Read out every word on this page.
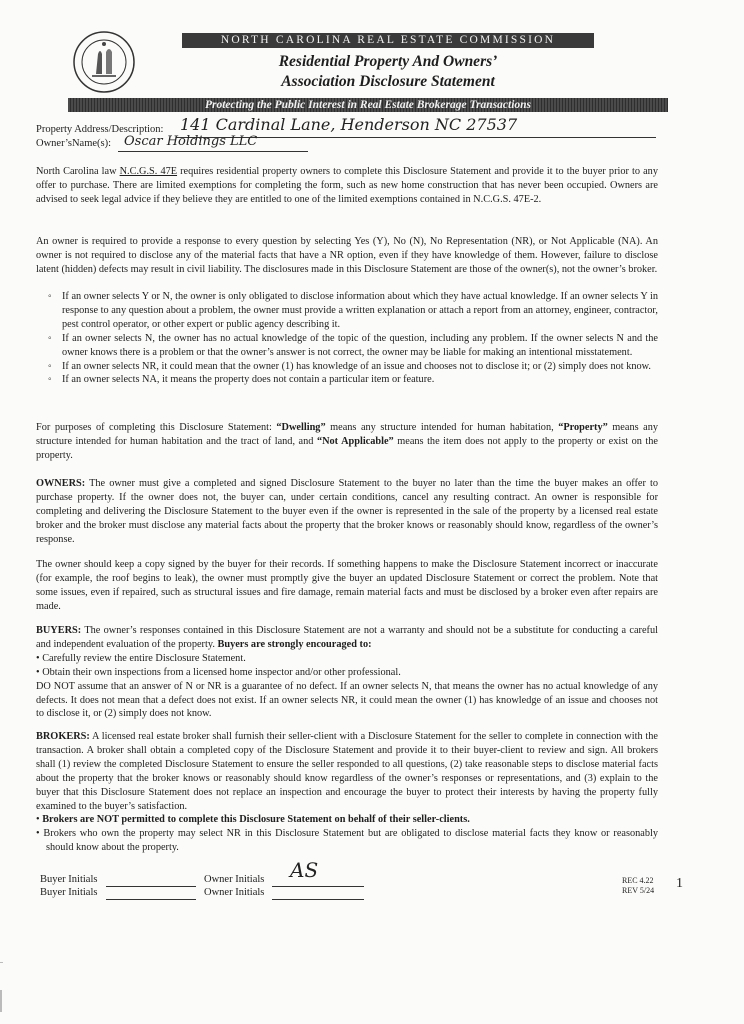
NORTH CAROLINA REAL ESTATE COMMISSION
Residential Property And Owners’
Association Disclosure Statement
Protecting the Public Interest in Real Estate Brokerage Transactions
Property Address/Description: 141 Cardinal Lane, Henderson NC 27537
Owner’sName(s): Oscar Holdings LLC

North Carolina law N.C.G.S. 47E requires residential property owners to complete this Disclosure Statement and provide it to the buyer prior to any offer to purchase. There are limited exemptions for completing the form, such as new home construction that has never been occupied. Owners are advised to seek legal advice if they believe they are entitled to one of the limited exemptions contained in N.C.G.S. 47E-2.

An owner is required to provide a response to every question by selecting Yes (Y), No (N), No Representation (NR), or Not Applicable (NA). An owner is not required to disclose any of the material facts that have a NR option, even if they have knowledge of them. However, failure to disclose latent (hidden) defects may result in civil liability. The disclosures made in this Disclosure Statement are those of the owner(s), not the owner’s broker.

◦ If an owner selects Y or N, the owner is only obligated to disclose information about which they have actual knowledge. If an owner selects Y in response to any question about a problem, the owner must provide a written explanation or attach a report from an attorney, engineer, contractor, pest control operator, or other expert or public agency describing it.

◦ If an owner selects N, the owner has no actual knowledge of the topic of the question, including any problem. If the owner selects N and the owner knows there is a problem or that the owner’s answer is not correct, the owner may be liable for making an intentional misstatement.

◦ If an owner selects NR, it could mean that the owner (1) has knowledge of an issue and chooses not to disclose it; or (2) simply does not know.

◦ If an owner selects NA, it means the property does not contain a particular item or feature.

For purposes of completing this Disclosure Statement: “Dwelling” means any structure intended for human habitation, “Property” means any structure intended for human habitation and the tract of land, and “Not Applicable” means the item does not apply to the property or exist on the property.

OWNERS: The owner must give a completed and signed Disclosure Statement to the buyer no later than the time the buyer makes an offer to purchase property. If the owner does not, the buyer can, under certain conditions, cancel any resulting contract. An owner is responsible for completing and delivering the Disclosure Statement to the buyer even if the owner is represented in the sale of the property by a licensed real estate broker and the broker must disclose any material facts about the property that the broker knows or reasonably should know, regardless of the owner’s response.

The owner should keep a copy signed by the buyer for their records. If something happens to make the Disclosure Statement incorrect or inaccurate (for example, the roof begins to leak), the owner must promptly give the buyer an updated Disclosure Statement or correct the problem. Note that some issues, even if repaired, such as structural issues and fire damage, remain material facts and must be disclosed by a broker even after repairs are made.

BUYERS: The owner’s responses contained in this Disclosure Statement are not a warranty and should not be a substitute for conducting a careful and independent evaluation of the property. Buyers are strongly encouraged to:

• Carefully review the entire Disclosure Statement.

• Obtain their own inspections from a licensed home inspector and/or other professional.

DO NOT assume that an answer of N or NR is a guarantee of no defect. If an owner selects N, that means the owner has no actual knowledge of any defects. It does not mean that a defect does not exist. If an owner selects NR, it could mean the owner (1) has knowledge of an issue and chooses not to disclose it, or (2) simply does not know.

BROKERS: A licensed real estate broker shall furnish their seller-client with a Disclosure Statement for the seller to complete in connection with the transaction. A broker shall obtain a completed copy of the Disclosure Statement and provide it to their buyer-client to review and sign. All brokers shall (1) review the completed Disclosure Statement to ensure the seller responded to all questions, (2) take reasonable steps to disclose material facts about the property that the broker knows or reasonably should know regardless of the owner’s responses or representations, and (3) explain to the buyer that this Disclosure Statement does not replace an inspection and encourage the buyer to protect their interests by having the property fully examined to the buyer’s satisfaction.

• Brokers are NOT permitted to complete this Disclosure Statement on behalf of their seller-clients.

• Brokers who own the property may select NR in this Disclosure Statement but are obligated to disclose material facts they know or reasonably should know about the property.

Buyer Initials
Buyer Initials
Owner Initials AS
Owner Initials
REC 4.22
REV 5/24 1
